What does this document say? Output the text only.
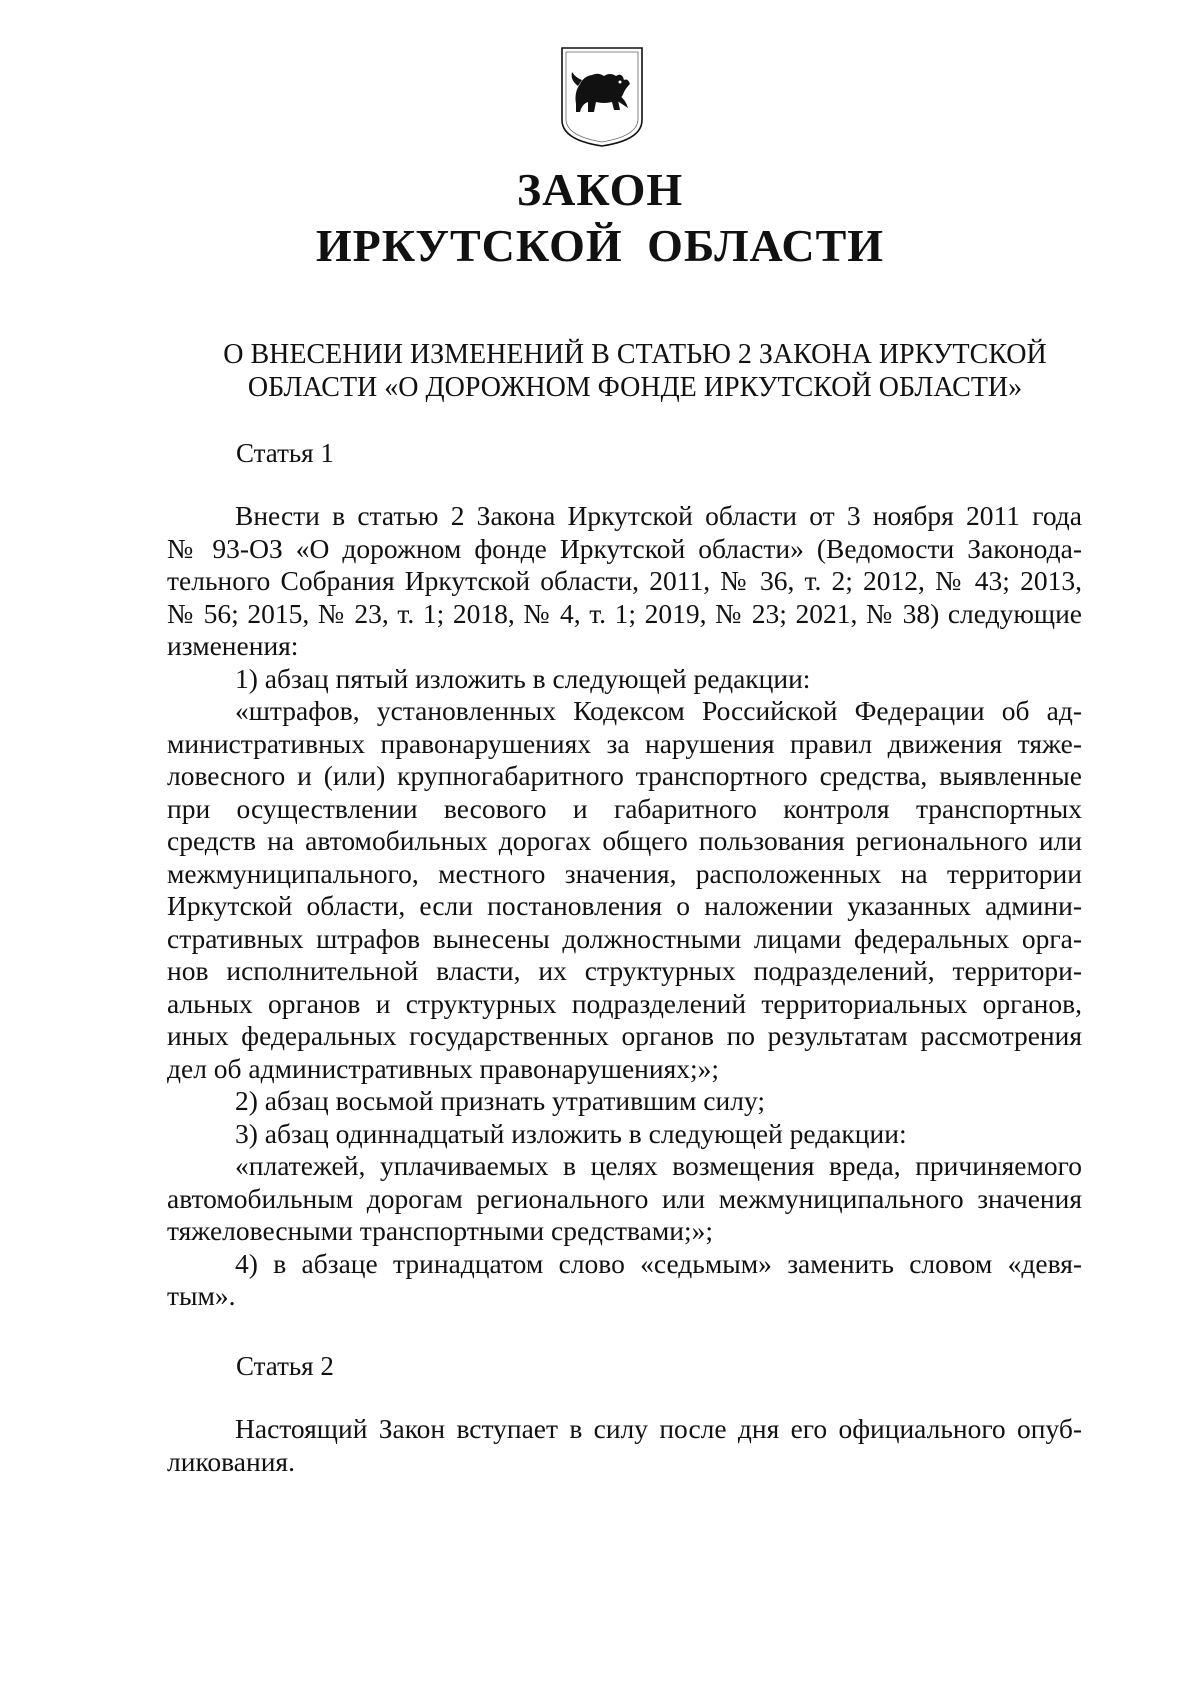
ЗАКОН
ИРКУТСКОЙ ОБЛАСТИ
О ВНЕСЕНИИ ИЗМЕНЕНИЙ В СТАТЬЮ 2 ЗАКОНА ИРКУТСКОЙ
ОБЛАСТИ «О ДОРОЖНОМ ФОНДЕ ИРКУТСКОЙ ОБЛАСТИ»
Статья 1
Внести в статью 2 Закона Иркутской области от 3 ноября 2011 года
№ 93-ОЗ «О дорожном фонде Иркутской области» (Ведомости Законода-
тельного Собрания Иркутской области, 2011, № 36, т. 2; 2012, № 43; 2013,
№ 56; 2015, № 23, т. 1; 2018, № 4, т. 1; 2019, № 23; 2021, № 38) следующие
изменения:
1) абзац пятый изложить в следующей редакции:
«штрафов, установленных Кодексом Российской Федерации об ад-
министративных правонарушениях за нарушения правил движения тяже-
ловесного и (или) крупногабаритного транспортного средства, выявленные
при осуществлении весового и габаритного контроля транспортных
средств на автомобильных дорогах общего пользования регионального или
межмуниципального, местного значения, расположенных на территории
Иркутской области, если постановления о наложении указанных админи-
стративных штрафов вынесены должностными лицами федеральных орга-
нов исполнительной власти, их структурных подразделений, территори-
альных органов и структурных подразделений территориальных органов,
иных федеральных государственных органов по результатам рассмотрения
дел об административных правонарушениях;»;
2) абзац восьмой признать утратившим силу;
3) абзац одиннадцатый изложить в следующей редакции:
«платежей, уплачиваемых в целях возмещения вреда, причиняемого
автомобильным дорогам регионального или межмуниципального значения
тяжеловесными транспортными средствами;»;
4) в абзаце тринадцатом слово «седьмым» заменить словом «девя-
тым».
Статья 2
Настоящий Закон вступает в силу после дня его официального опуб-
ликования.
